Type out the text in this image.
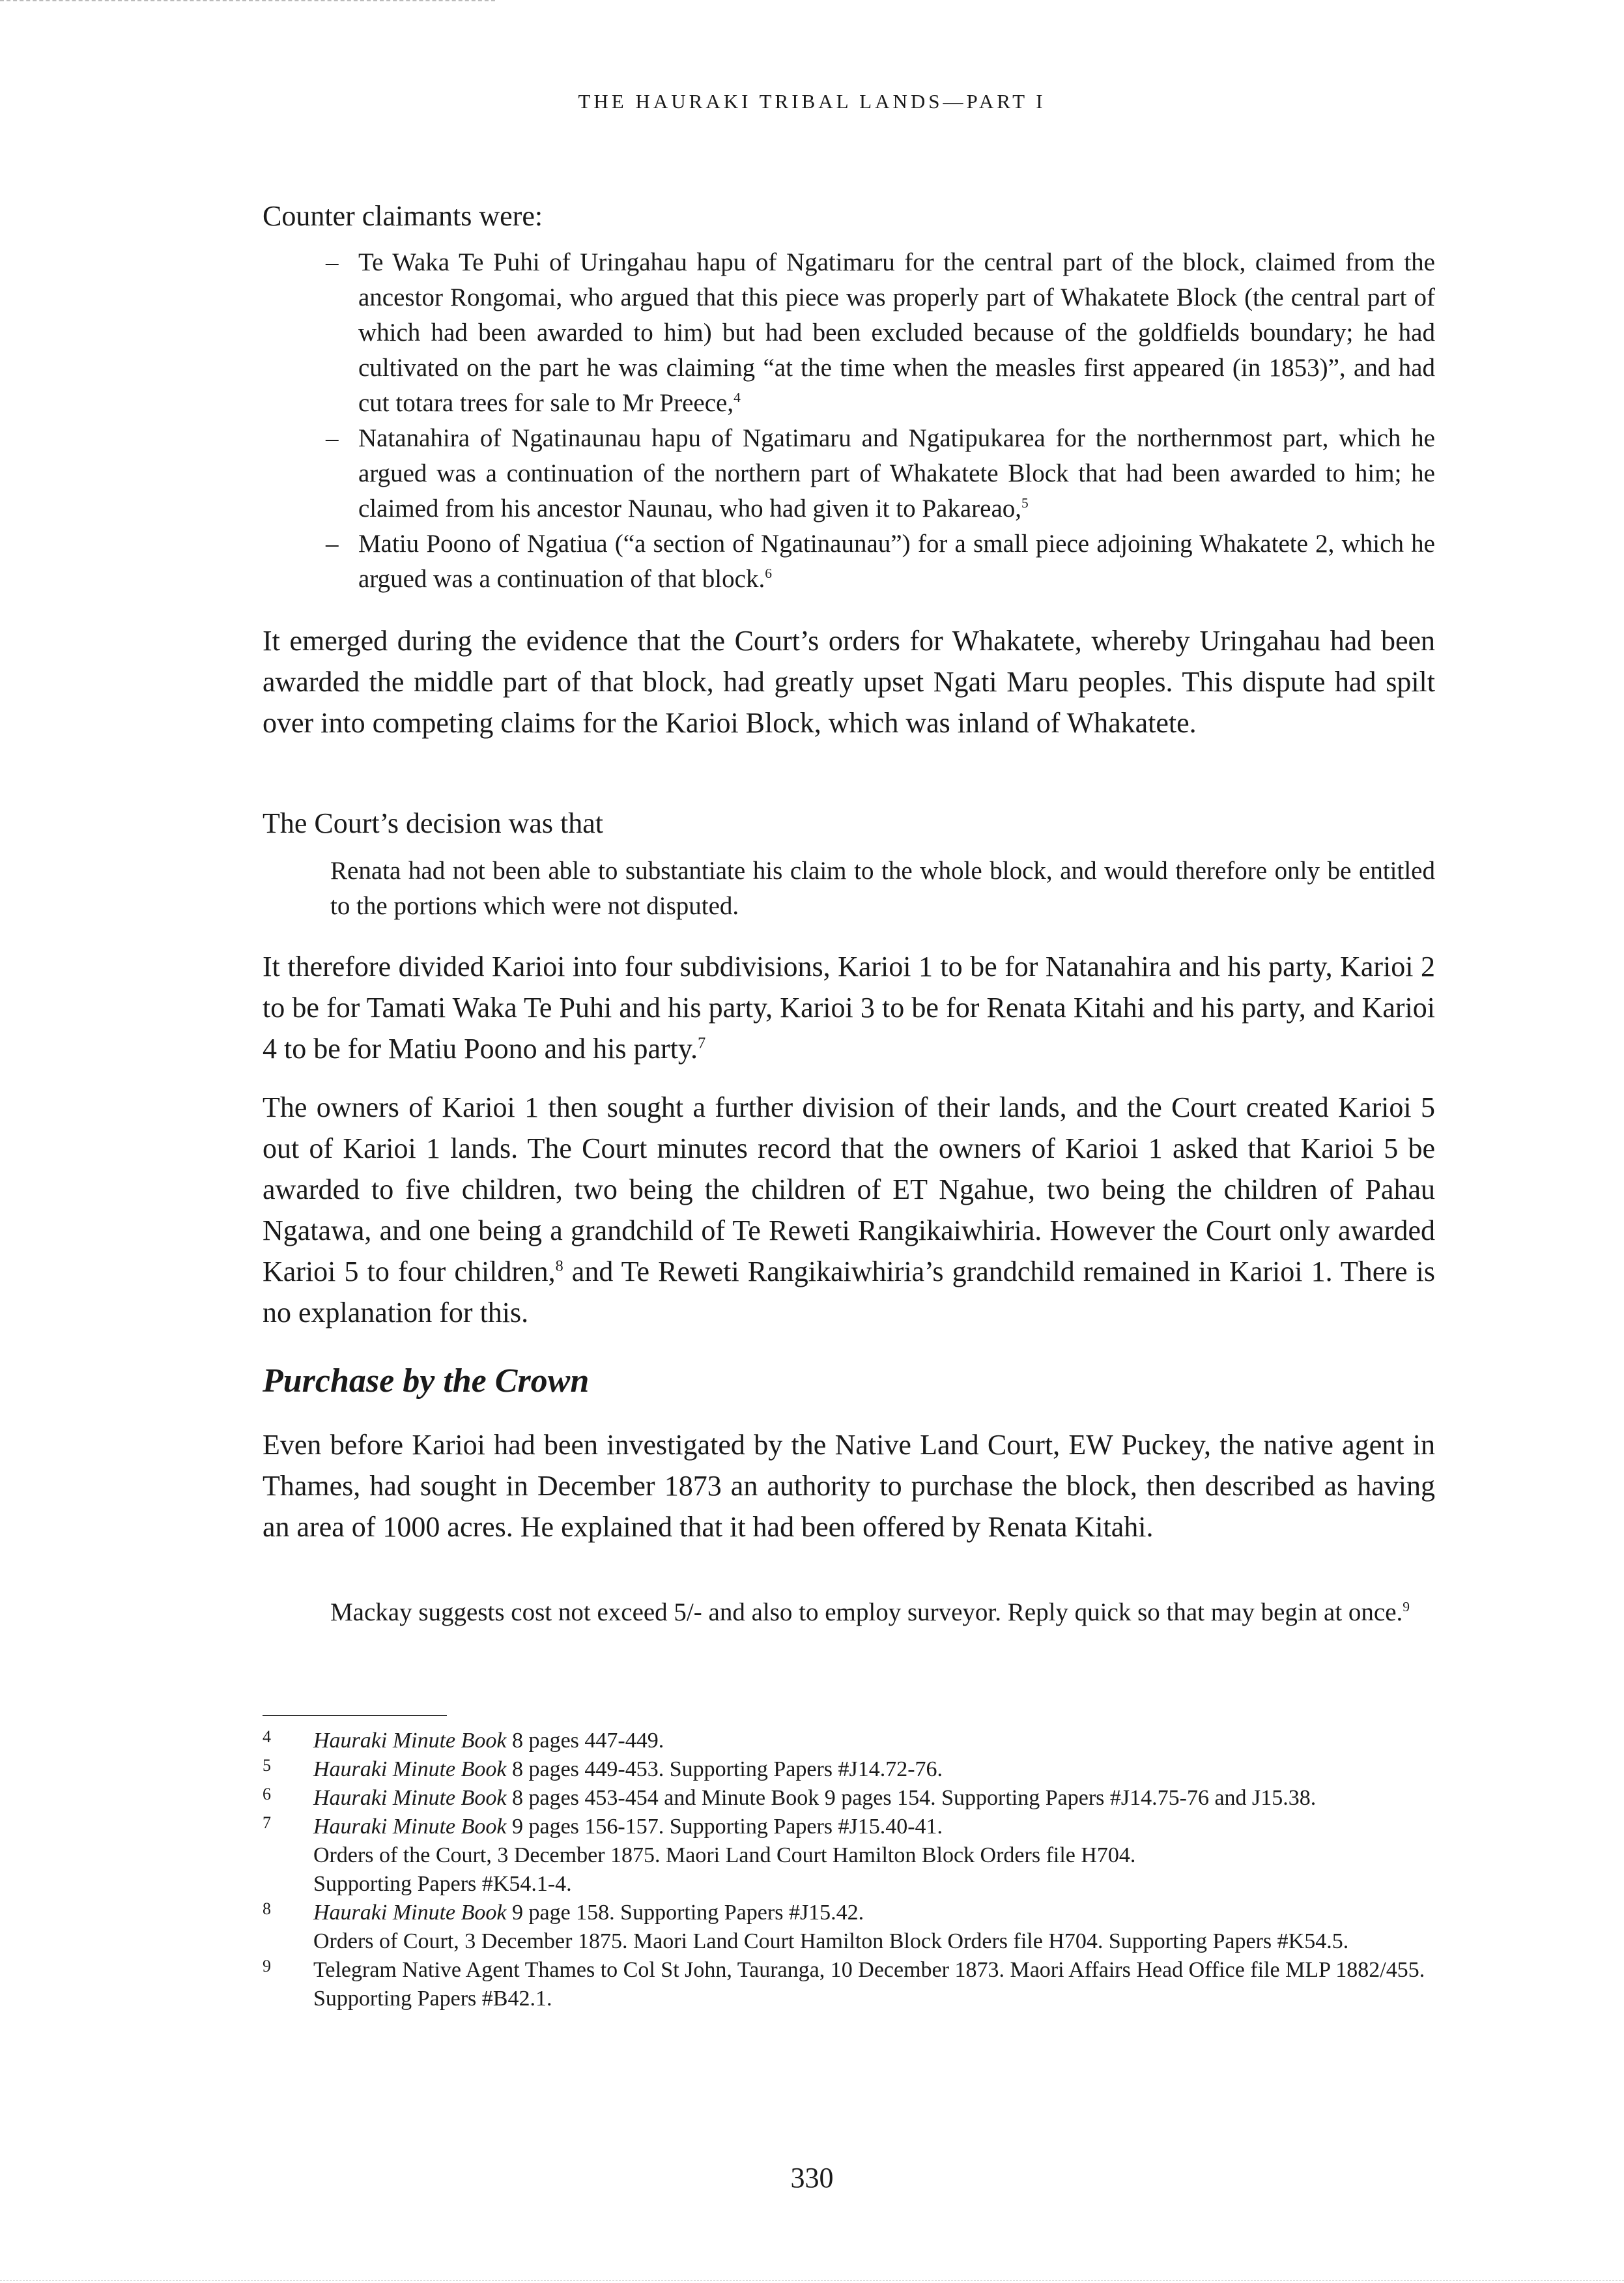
THE HAURAKI TRIBAL LANDS—PART I

Counter claimants were:

– Te Waka Te Puhi of Uringahau hapu of Ngatimaru for the central part of the block, claimed from the ancestor Rongomai, who argued that this piece was properly part of Whakatete Block (the central part of which had been awarded to him) but had been excluded because of the goldfields boundary; he had cultivated on the part he was claiming “at the time when the measles first appeared (in 1853)”, and had cut totara trees for sale to Mr Preece,$^4$
– Natanahira of Ngatinaunau hapu of Ngatimaru and Ngatipukarea for the northernmost part, which he argued was a continuation of the northern part of Whakatete Block that had been awarded to him; he claimed from his ancestor Naunau, who had given it to Pakareao,$^5$
– Matiu Poono of Ngatiua (“a section of Ngatinaunau”) for a small piece adjoining Whakatete 2, which he argued was a continuation of that block.$^6$

It emerged during the evidence that the Court’s orders for Whakatete, whereby Uringahau had been awarded the middle part of that block, had greatly upset Ngati Maru peoples. This dispute had spilt over into competing claims for the Karioi Block, which was inland of Whakatete.

The Court’s decision was that

Renata had not been able to substantiate his claim to the whole block, and would therefore only be entitled to the portions which were not disputed.

It therefore divided Karioi into four subdivisions, Karioi 1 to be for Natanahira and his party, Karioi 2 to be for Tamati Waka Te Puhi and his party, Karioi 3 to be for Renata Kitahi and his party, and Karioi 4 to be for Matiu Poono and his party.$^7$

The owners of Karioi 1 then sought a further division of their lands, and the Court created Karioi 5 out of Karioi 1 lands. The Court minutes record that the owners of Karioi 1 asked that Karioi 5 be awarded to five children, two being the children of ET Ngahue, two being the children of Pahau Ngatawa, and one being a grandchild of Te Reweti Rangikaiwhiria. However the Court only awarded Karioi 5 to four children,$^8$ and Te Reweti Rangikaiwhiria’s grandchild remained in Karioi 1. There is no explanation for this.

Purchase by the Crown

Even before Karioi had been investigated by the Native Land Court, EW Puckey, the native agent in Thames, had sought in December 1873 an authority to purchase the block, then described as having an area of 1000 acres. He explained that it had been offered by Renata Kitahi.

Mackay suggests cost not exceed 5/- and also to employ surveyor. Reply quick so that may begin at once.$^9$

4 Hauraki Minute Book 8 pages 447-449.
5 Hauraki Minute Book 8 pages 449-453. Supporting Papers #J14.72-76.
6 Hauraki Minute Book 8 pages 453-454 and Minute Book 9 pages 154. Supporting Papers #J14.75-76 and J15.38.
7 Hauraki Minute Book 9 pages 156-157. Supporting Papers #J15.40-41.
Orders of the Court, 3 December 1875. Maori Land Court Hamilton Block Orders file H704.
Supporting Papers #K54.1-4.
8 Hauraki Minute Book 9 page 158. Supporting Papers #J15.42.
Orders of Court, 3 December 1875. Maori Land Court Hamilton Block Orders file H704. Supporting Papers #K54.5.
9 Telegram Native Agent Thames to Col St John, Tauranga, 10 December 1873. Maori Affairs Head Office file MLP 1882/455. Supporting Papers #B42.1.
330
